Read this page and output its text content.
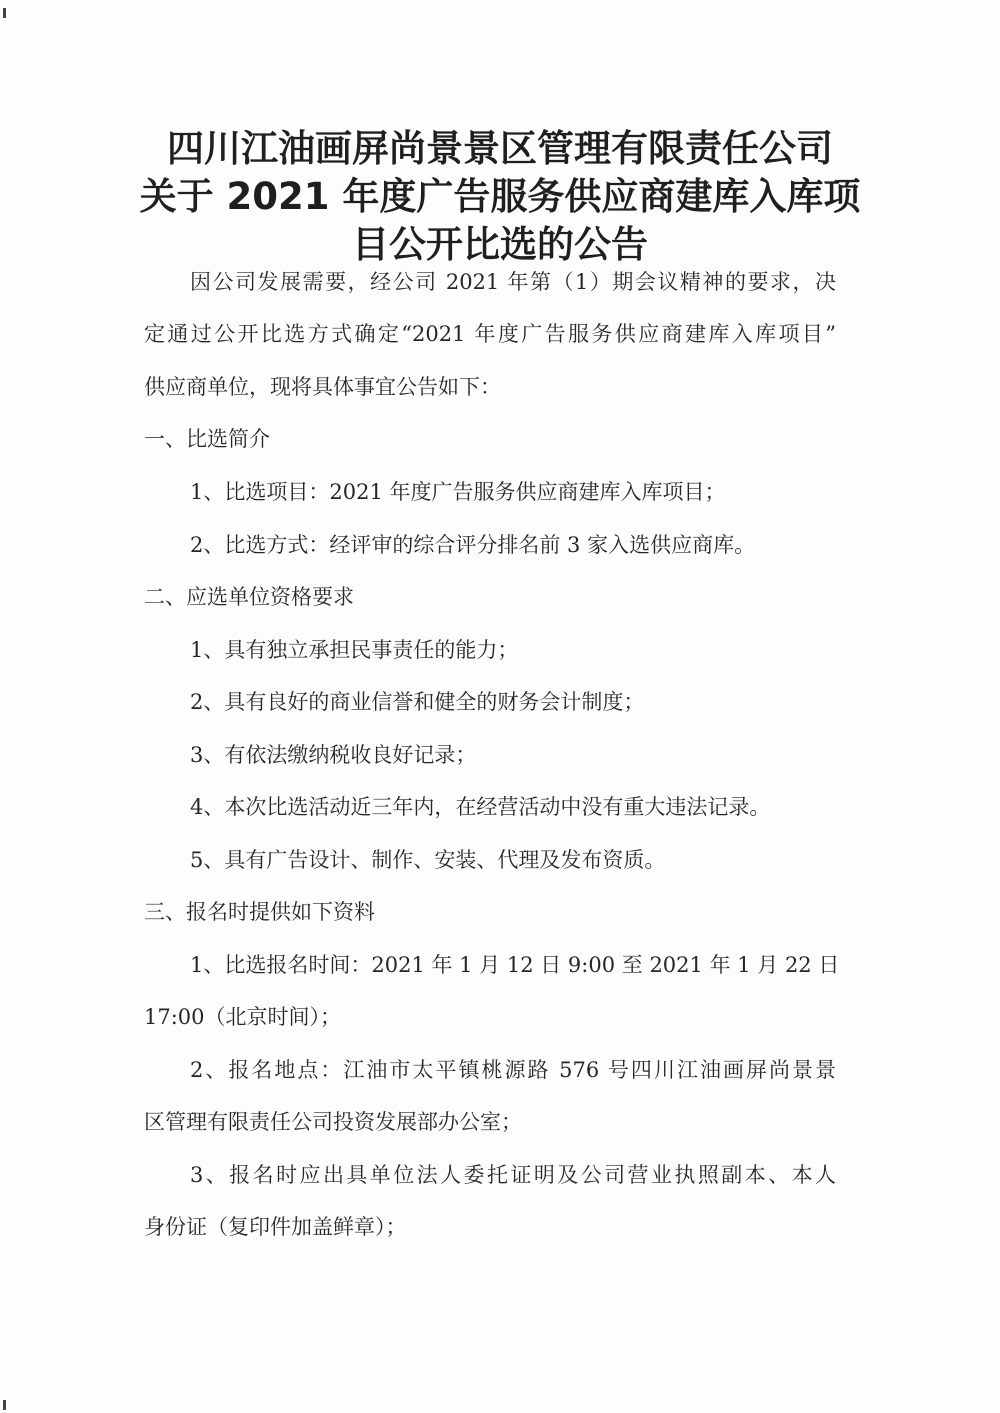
四川江油画屏尚景景区管理有限责任公司
关于 2021 年度广告服务供应商建库入库项
目公开比选的公告
因公司发展需要，经公司 2021 年第（1）期会议精神的要求，决
定通过公开比选方式确定“2021 年度广告服务供应商建库入库项目”
供应商单位，现将具体事宜公告如下：
一、比选简介
1、比选项目：2021 年度广告服务供应商建库入库项目；
2、比选方式：经评审的综合评分排名前 3 家入选供应商库。
二、应选单位资格要求
1、具有独立承担民事责任的能力；
2、具有良好的商业信誉和健全的财务会计制度；
3、有依法缴纳税收良好记录；
4、本次比选活动近三年内，在经营活动中没有重大违法记录。
5、具有广告设计、制作、安装、代理及发布资质。
三、报名时提供如下资料
1、比选报名时间：2021 年 1 月 12 日 9:00 至 2021 年 1 月 22 日
17:00（北京时间）；
2、报名地点：江油市太平镇桃源路 576 号四川江油画屏尚景景
区管理有限责任公司投资发展部办公室；
3、报名时应出具单位法人委托证明及公司营业执照副本、本人
身份证（复印件加盖鲜章）；
